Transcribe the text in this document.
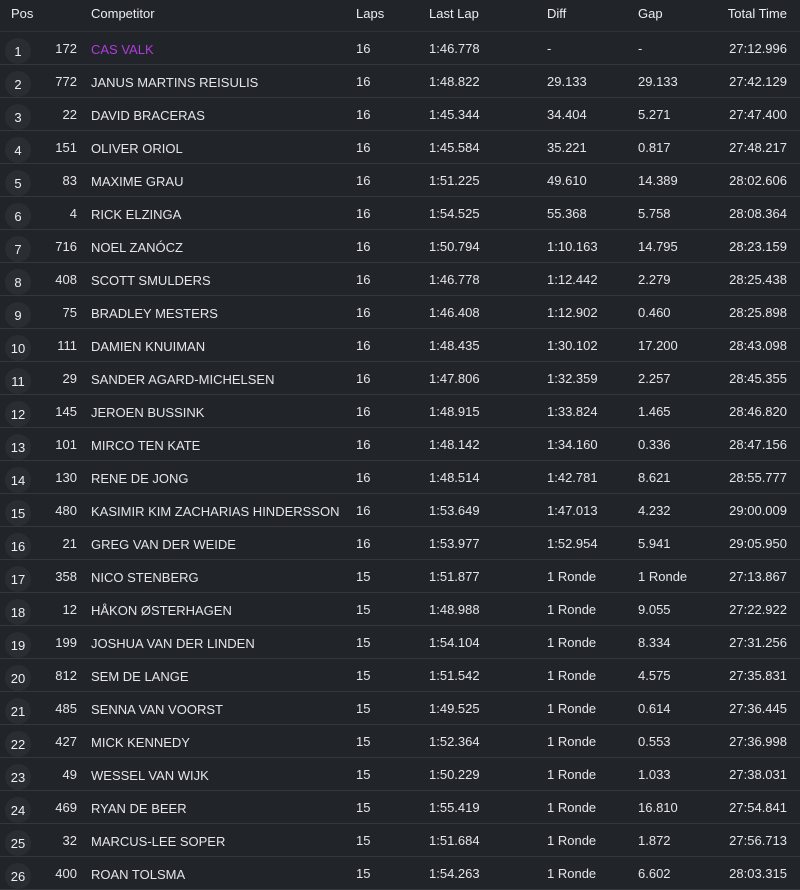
Pos	Competitor	Laps	Last Lap	Diff	Gap	Total Time
1	172 CAS VALK	16	1:46.778	-	-	27:12.996
2	772 JANUS MARTINS REISULIS	16	1:48.822	29.133	29.133	27:42.129
3	22 DAVID BRACERAS	16	1:45.344	34.404	5.271	27:47.400
4	151 OLIVER ORIOL	16	1:45.584	35.221	0.817	27:48.217
5	83 MAXIME GRAU	16	1:51.225	49.610	14.389	28:02.606
6	4 RICK ELZINGA	16	1:54.525	55.368	5.758	28:08.364
7	716 NOEL ZANÓCZ	16	1:50.794	1:10.163	14.795	28:23.159
8	408 SCOTT SMULDERS	16	1:46.778	1:12.442	2.279	28:25.438
9	75 BRADLEY MESTERS	16	1:46.408	1:12.902	0.460	28:25.898
10	111 DAMIEN KNUIMAN	16	1:48.435	1:30.102	17.200	28:43.098
11	29 SANDER AGARD-MICHELSEN	16	1:47.806	1:32.359	2.257	28:45.355
12	145 JEROEN BUSSINK	16	1:48.915	1:33.824	1.465	28:46.820
13	101 MIRCO TEN KATE	16	1:48.142	1:34.160	0.336	28:47.156
14	130 RENE DE JONG	16	1:48.514	1:42.781	8.621	28:55.777
15	480 KASIMIR KIM ZACHARIAS HINDERSSON 16	1:53.649	1:47.013	4.232	29:00.009
16	21 GREG VAN DER WEIDE	16	1:53.977	1:52.954	5.941	29:05.950
17	358 NICO STENBERG	15	1:51.877	1 Ronde	1 Ronde	27:13.867
18	12 HÅKON ØSTERHAGEN	15	1:48.988	1 Ronde	9.055	27:22.922
19	199 JOSHUA VAN DER LINDEN	15	1:54.104	1 Ronde	8.334	27:31.256
20	812 SEM DE LANGE	15	1:51.542	1 Ronde	4.575	27:35.831
21	485 SENNA VAN VOORST	15	1:49.525	1 Ronde	0.614	27:36.445
22	427 MICK KENNEDY	15	1:52.364	1 Ronde	0.553	27:36.998
23	49 WESSEL VAN WIJK	15	1:50.229	1 Ronde	1.033	27:38.031
24	469 RYAN DE BEER	15	1:55.419	1 Ronde	16.810	27:54.841
25	32 MARCUS-LEE SOPER	15	1:51.684	1 Ronde	1.872	27:56.713
26	400 ROAN TOLSMA	15	1:54.263	1 Ronde	6.602	28:03.315
